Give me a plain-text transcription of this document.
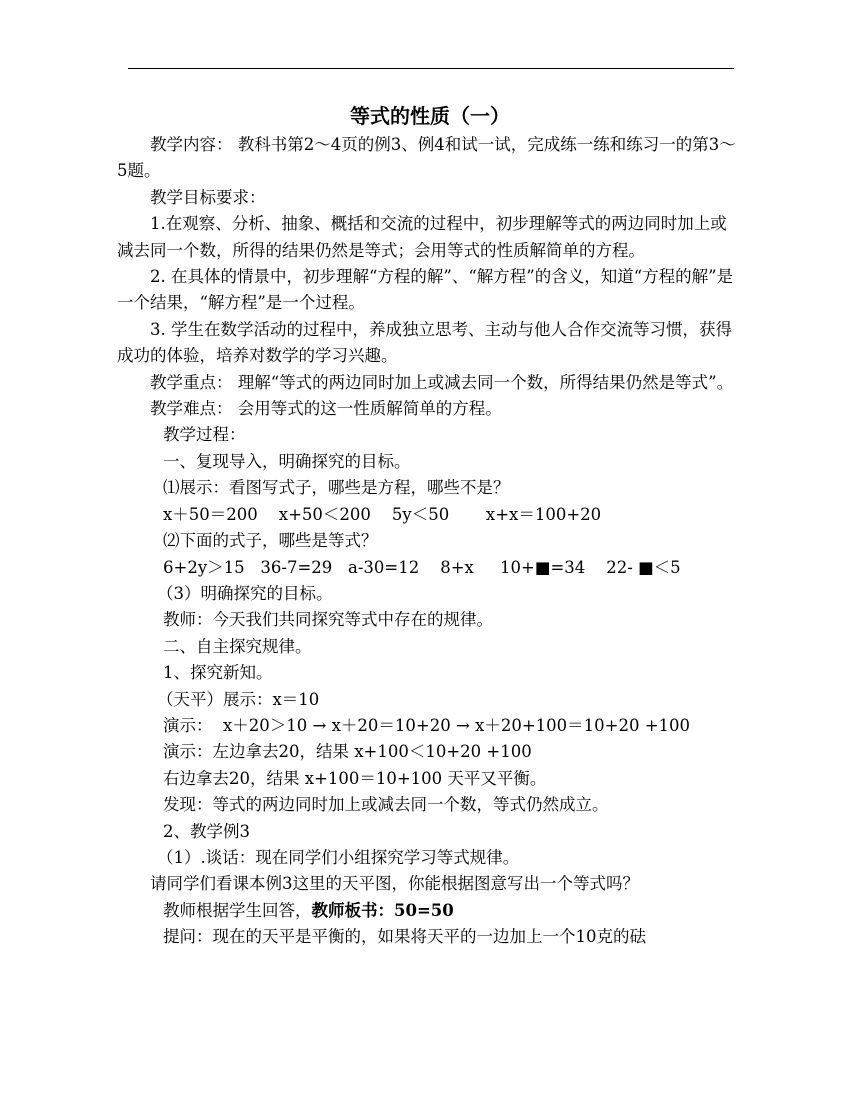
等式的性质（一）

教学内容： 教科书第2～4页的例3、例4和试一试，完成练一练和练习一的第3～5题。

教学目标要求：

1.在观察、分析、抽象、概括和交流的过程中，初步理解等式的两边同时加上或减去同一个数，所得的结果仍然是等式；会用等式的性质解简单的方程。

2. 在具体的情景中，初步理解“方程的解”、“解方程”的含义，知道“方程的解”是一个结果，“解方程”是一个过程。

3. 学生在数学活动的过程中，养成独立思考、主动与他人合作交流等习惯，获得成功的体验，培养对数学的学习兴趣。

教学重点： 理解“等式的两边同时加上或减去同一个数，所得结果仍然是等式”。

教学难点： 会用等式的这一性质解简单的方程。

教学过程：

一、复现导入，明确探究的目标。

⑴展示：看图写式子，哪些是方程，哪些不是？

x＋50＝200    x+50＜200    5y＜50       x+x＝100+20

⑵下面的式子，哪些是等式？

6+2y＞15   36-7=29   a-30=12    8+x     10+■=34    22- ■＜5

（3）明确探究的目标。

教师：今天我们共同探究等式中存在的规律。

二、自主探究规律。

1、探究新知。

（天平）展示：x＝10

演示：  x＋20＞10 → x＋20＝10+20 → x＋20+100＝10+20 +100

演示：左边拿去20，结果 x+100＜10+20 +100

右边拿去20，结果 x+100＝10+100 天平又平衡。

发现：等式的两边同时加上或减去同一个数，等式仍然成立。

2、教学例3

（1）.谈话：现在同学们小组探究学习等式规律。

请同学们看课本例3这里的天平图，你能根据图意写出一个等式吗？

教师根据学生回答，教师板书：50=50

提问：现在的天平是平衡的，如果将天平的一边加上一个10克的砝
